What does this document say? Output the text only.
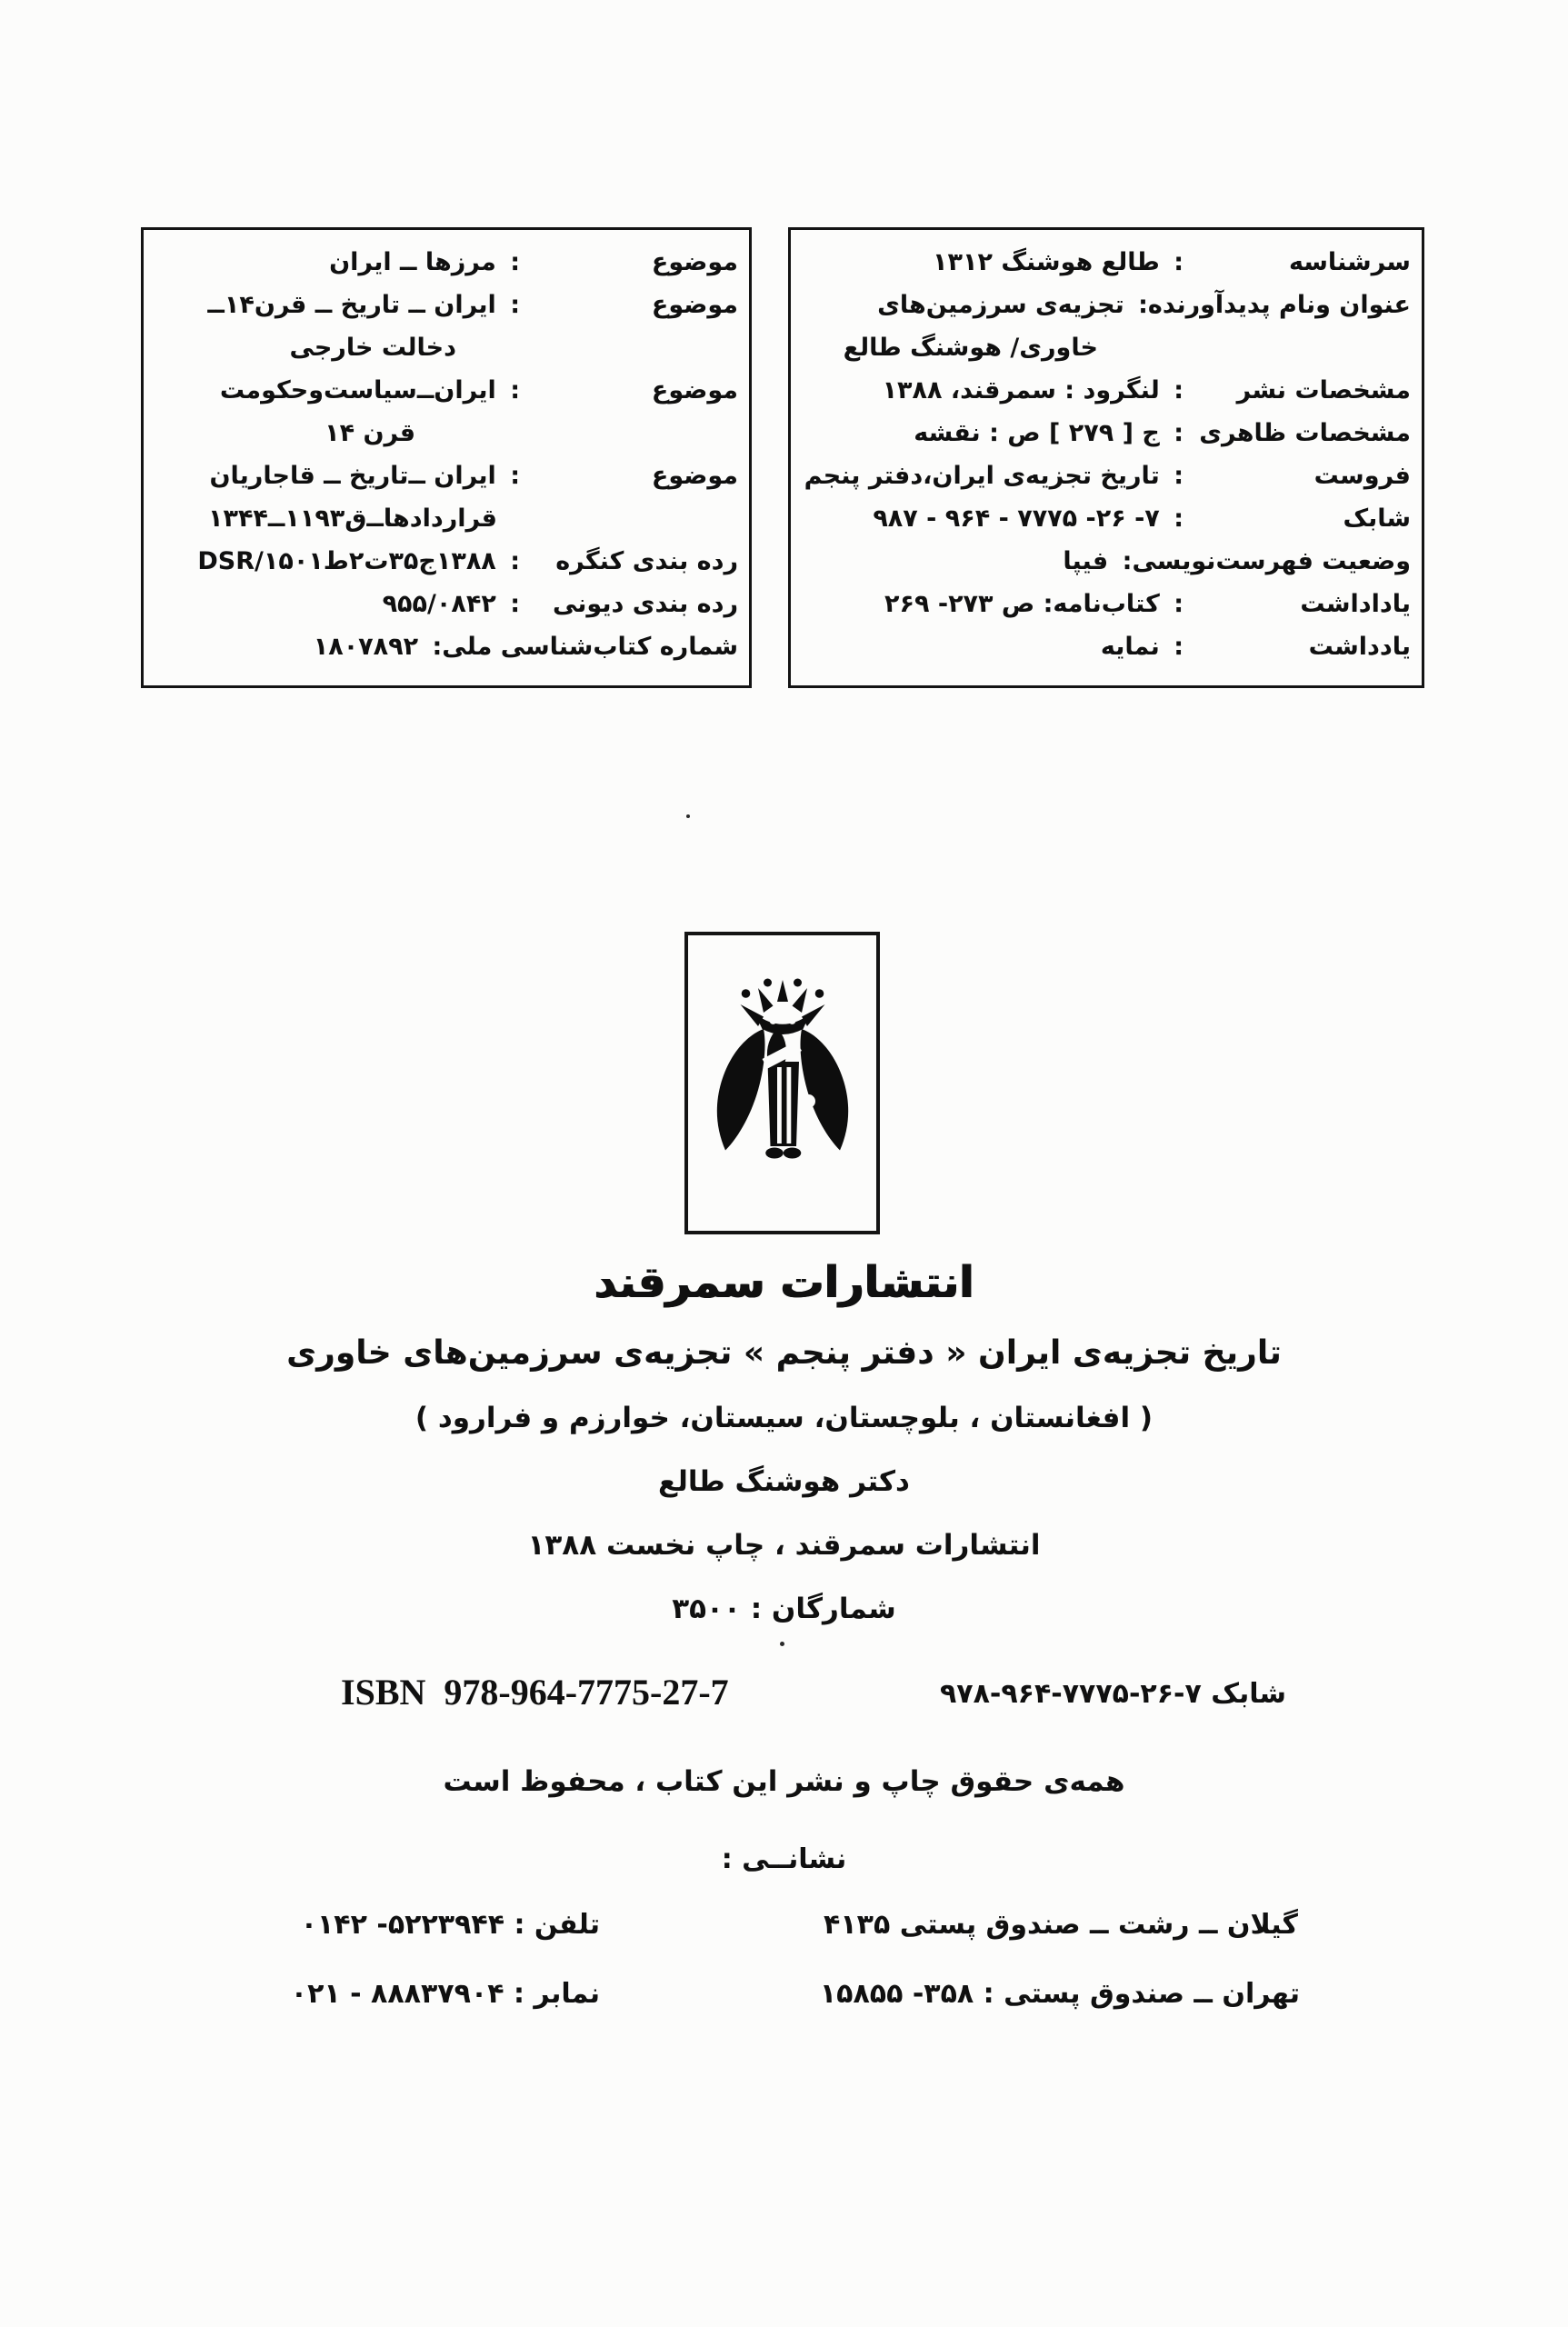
سرشناسه
: طالع هوشنگ ۱۳۱۲
عنوان ونام پدیدآورنده
: تجزیه‌ی سرزمین‌های
خاوری/ هوشنگ طالع
مشخصات نشر
: لنگرود : سمرقند، ۱۳۸۸
مشخصات ظاهری
: ج [ ۲۷۹ ] ص : نقشه
فروست
: تاریخ تجزیه‌ی ایران،دفتر پنجم
شابک
: ۹۸۷ - ۹۶۴ - ۷۷۷۵ -۲۶ -۷
وضعیت فهرست‌نویسی
: فیپا
یاداداشت
: کتاب‌نامه: ص ۲۷۳- ۲۶۹
یادداشت
: نمایه
موضوع
: مرزها ــ ایران
موضوع
: ایران ــ تاریخ ــ قرن۱۴ــ
دخالت خارجی
موضوع
: ایران‌ــ‌سیاست‌وحکومت
قرن ۱۴
موضوع
: ایران ــ‌تاریخ ــ قاجاریان
قراردادها۱۳۴۴ــ۱۱۹۳ق‌ــ
رده بندی کنگره
: DSR/۱۵۰۱ط۲ت۳۵ج۱۳۸۸
رده بندی دیونی
: ۹۵۵/۰۸۴۲
شماره کتاب‌شناسی ملی
: ۱۸۰۷۸۹۲
انتشارات سمرقند
تاریخ تجزیه‌ی ایران « دفتر پنجم » تجزیه‌ی سرزمین‌های خاوری
( افغانستان ، بلوچستان، سیستان، خوارزم و فرارود )
دکتر هوشنگ طالع
انتشارات سمرقند ، چاپ نخست ۱۳۸۸
شمارگان : ۳۵۰۰
ISBN  978-964-7775-27-7	شابک ۹۷۸-۹۶۴-۷۷۷۵-۲۶-۷
همه‌ی حقوق چاپ و نشر این کتاب ، محفوظ است
نشانــی :
گیلان ــ رشت ــ صندوق پستی ۴۱۳۵
تلفن : ۰۱۴۲ -۵۲۲۳۹۴۴
تهران ــ صندوق پستی : ۱۵۸۵۵ -۳۵۸
نمابر : ۰۲۱ - ۸۸۸۳۷۹۰۴
